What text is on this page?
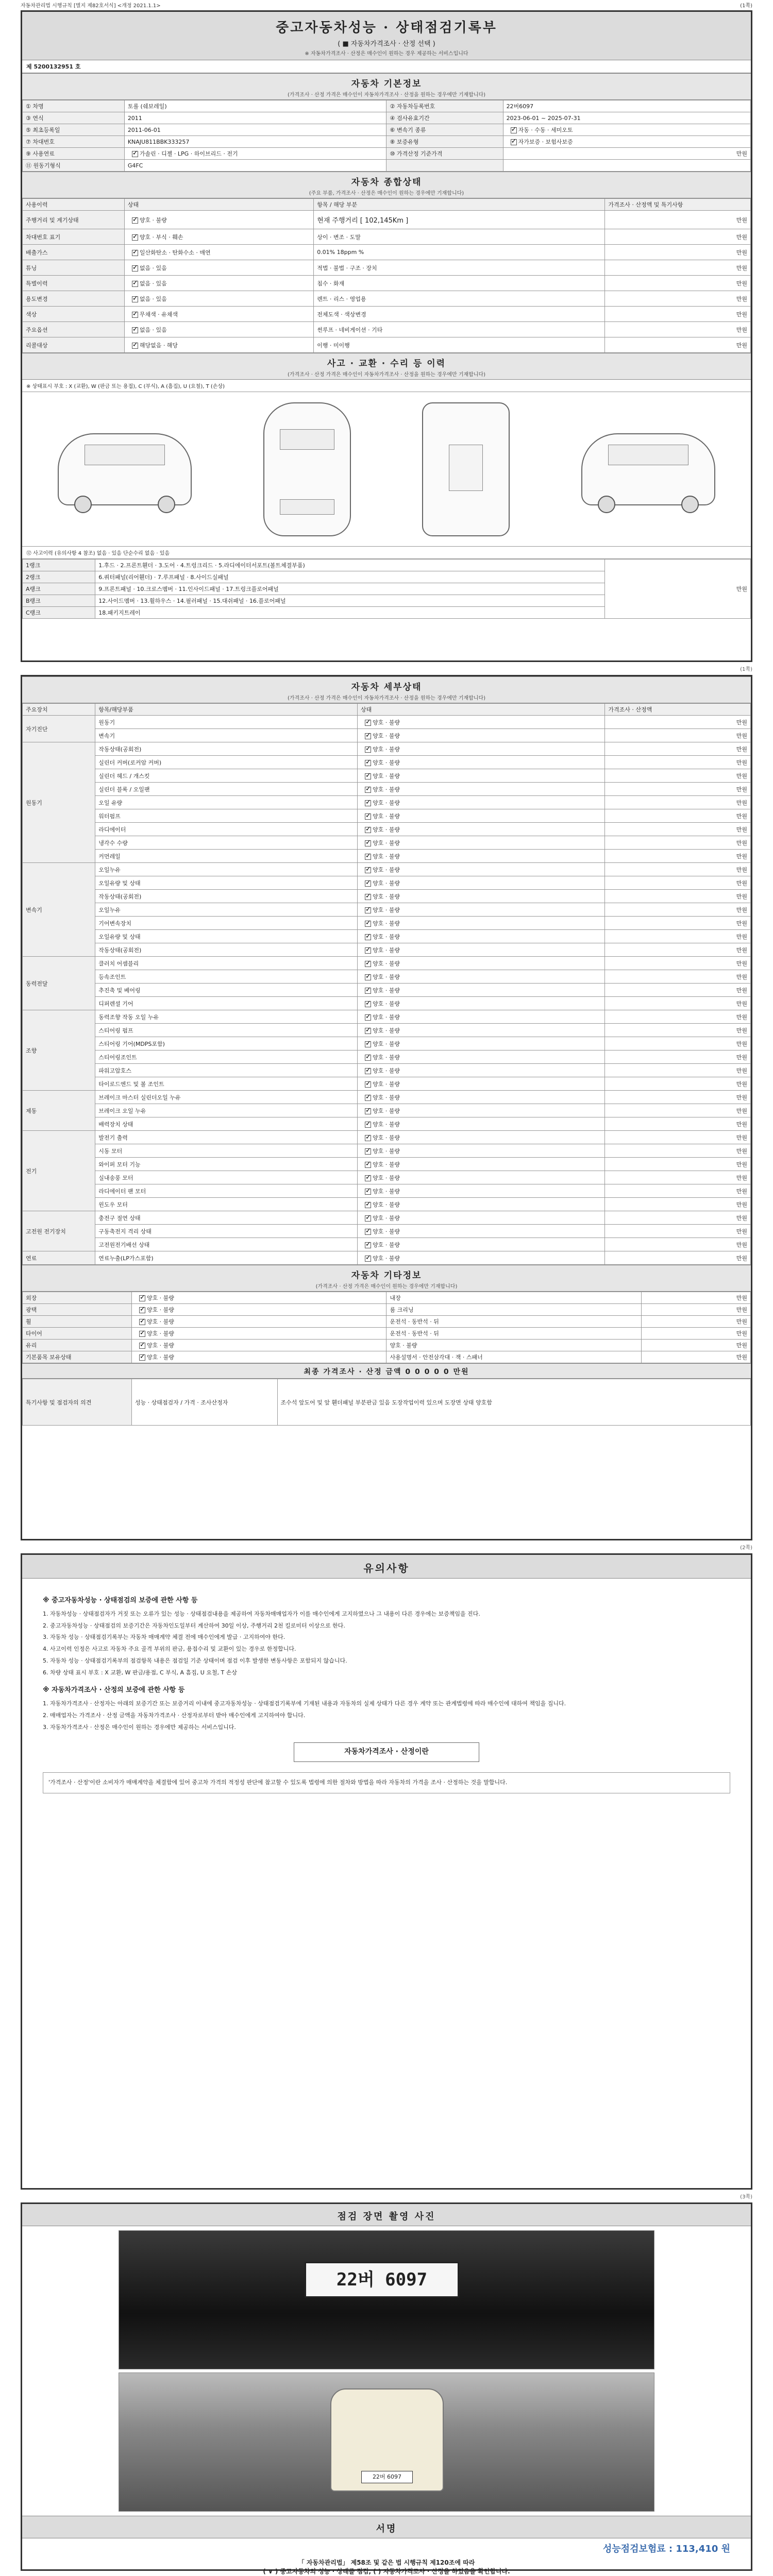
자동차관리법 시행규칙 [별지 제82호서식] <개정 2021.1.1>	(1쪽)
중고자동차성능 · 상태점검기록부
( ■ 자동차가격조사 · 산정 선택 )
※ 자동차가격조사 · 산정은 매수인이 원하는 경우 제공하는 서비스입니다
제 5200132951 호
자동차 기본정보
(가격조사 · 산정 가격은 매수인이 자동차가격조사 · 산정을 원하는 경우에만 기재합니다)
① 차명	토롤 (쉐보레일)	② 자동차등록번호	22버6097
③ 연식	2011	④ 검사유효기간	2023-06-01 ~ 2025-07-31
⑤ 최초등록일	2011-06-01	⑥ 변속기 종류	✓자동 · 수동 · 세미오토
⑦ 차대번호	KNAJU811BBK333257	⑧ 보증유형	✓자가보증 · 보험사보증
⑨ 사용연료	✓가솔린 · 디젤 · LPG · 하이브리드 · 전기	⑩ 가격산정 기준가격	만원
⑪ 원동기형식	G4FC		
자동차 종합상태
(주요 부품, 가격조사 · 산정은 매수인이 원하는 경우에만 기재합니다)
사용이력	상태	항목 / 해당 부분	가격조사 · 산정액 및 특기사항
주행거리 및 계기상태	✓양호 · 불량	현재 주행거리 [ 102,145Km ]	만원
차대번호 표기	✓양호 · 부식 · 훼손	상이 · 변조 · 도말	만원
배출가스	✓일산화탄소 · 탄화수소 · 매연	0.01% 18ppm %	만원
튜닝	✓없음 · 있음	적법 · 불법 · 구조 · 장치	만원
특별이력	✓없음 · 있음	침수 · 화재	만원
용도변경	✓없음 · 있음	렌트 · 리스 · 영업용	만원
색상	✓무채색 · 유채색	전체도색 · 색상변경	만원
주요옵션	✓없음 · 있음	썬루프 · 네비게이션 · 기타	만원
리콜대상	✓해당없음 · 해당	이행 · 미이행	만원
사고 · 교환 · 수리 등 이력
(가격조사 · 산정 가격은 매수인이 자동차가격조사 · 산정을 원하는 경우에만 기재합니다)
※ 상태표시 부호 : X (교환), W (판금 또는 용접), C (부식), A (흠집), U (요철), T (손상)
⑫ 사고이력 (유의사항 4 참조) 없음 · 있음 단순수리 없음 · 있음
1랭크	1.후드 · 2.프론트휀더 · 3.도어 · 4.트렁크리드 · 5.라디에이터서포트(볼트체결부품)	만원
2랭크	6.쿼터패널(리어휀더) · 7.루프패널 · 8.사이드실패널	
A랭크	9.프론트패널 · 10.크로스멤버 · 11.인사이드패널 · 17.트렁크플로어패널	
B랭크	12.사이드멤버 · 13.휠하우스 · 14.필러패널 · 15.대쉬패널 · 16.플로어패널	
C랭크	18.패키지트레이	
(1쪽)
자동차 세부상태
(가격조사 · 산정 가격은 매수인이 자동차가격조사 · 산정을 원하는 경우에만 기재합니다)
주요장치	항목/해당부품	상태	가격조사 · 산정액
자기진단	원동기	✓양호 · 불량	만원
	변속기	✓양호 · 불량	만원
원동기	작동상태(공회전)	✓양호 · 불량	만원
	실린더 커버(로커암 커버)	✓양호 · 불량	만원
	실린더 헤드 / 개스킷	✓양호 · 불량	만원
	실린더 블록 / 오일팬	✓양호 · 불량	만원
	오일 유량	✓양호 · 불량	만원
	워터펌프	✓양호 · 불량	만원
	라디에이터	✓양호 · 불량	만원
	냉각수 수량	✓양호 · 불량	만원
	커먼레일	✓양호 · 불량	만원
변속기	오일누유	✓양호 · 불량	만원
	오일유량 및 상태	✓양호 · 불량	만원
	작동상태(공회전)	✓양호 · 불량	만원
	오일누유	✓양호 · 불량	만원
	기어변속장치	✓양호 · 불량	만원
	오일유량 및 상태	✓양호 · 불량	만원
	작동상태(공회전)	✓양호 · 불량	만원
동력전달	클러치 어셈블리	✓양호 · 불량	만원
	등속조인트	✓양호 · 불량	만원
	추진축 및 베어링	✓양호 · 불량	만원
	디퍼렌셜 기어	✓양호 · 불량	만원
조향	동력조향 작동 오일 누유	✓양호 · 불량	만원
	스티어링 펌프	✓양호 · 불량	만원
	스티어링 기어(MDPS포함)	✓양호 · 불량	만원
	스티어링조인트	✓양호 · 불량	만원
	파워고압호스	✓양호 · 불량	만원
	타이로드엔드 및 볼 조인트	✓양호 · 불량	만원
제동	브레이크 마스터 실린더오일 누유	✓양호 · 불량	만원
	브레이크 오일 누유	✓양호 · 불량	만원
	배력장치 상태	✓양호 · 불량	만원
전기	발전기 출력	✓양호 · 불량	만원
	시동 모터	✓양호 · 불량	만원
	와이퍼 모터 기능	✓양호 · 불량	만원
	실내송풍 모터	✓양호 · 불량	만원
	라디에이터 팬 모터	✓양호 · 불량	만원
	윈도우 모터	✓양호 · 불량	만원
고전원 전기장치	충전구 절연 상태	✓양호 · 불량	만원
	구동축전지 격리 상태	✓양호 · 불량	만원
	고전원전기배선 상태	✓양호 · 불량	만원
연료	연료누출(LP가스포함)	✓양호 · 불량	만원
자동차 기타정보
(가격조사 · 산정 가격은 매수인이 원하는 경우에만 기재합니다)
외장	✓양호 · 불량	내장	만원
광택	✓양호 · 불량	룸 크리닝	만원
휠	✓양호 · 불량	운전석 · 동반석 · 뒤	만원
타이어	✓양호 · 불량	운전석 · 동반석 · 뒤	만원
유리	✓양호 · 불량	양호 · 불량	만원
기본품목 보유상태	✓양호 · 불량	사용설명서 · 안전삼각대 · 잭 · 스패너	만원
최종 가격조사 · 산정 금액 0 0 0 0 0 만원
특기사항 및 점검자의 의견	성능 · 상태점검자 / 가격 · 조사산정자	조수석 앞도어 및 앞 휀더패널 부분판금 있음 도장작업이력 있으며 도장면 상태 양호함
(2쪽)
유의사항
※ 중고자동차성능 · 상태점검의 보증에 관한 사항 등

1. 자동차성능 · 상태점검자가 거짓 또는 오류가 있는 성능 · 상태점검내용을 제공하여 자동차매매업자가 이를 매수인에게 고지하였으나 그 내용이 다른 경우에는 보증책임을 진다.

2. 중고자동차성능 · 상태점검의 보증기간은 자동차인도일부터 계산하여 30일 이상, 주행거리 2천 킬로미터 이상으로 한다.

3. 자동차 성능 · 상태점검기록부는 자동차 매매계약 체결 전에 매수인에게 발급 · 고지하여야 한다.

4. 사고이력 인정은 사고로 자동차 주요 골격 부위의 판금, 용접수리 및 교환이 있는 경우로 한정합니다.

5. 자동차 성능 · 상태점검기록부의 점검항목 내용은 점검일 기준 상태이며 점검 이후 발생한 변동사항은 포함되지 않습니다.

6. 차량 상태 표시 부호 : X 교환, W 판금/용접, C 부식, A 흠집, U 요철, T 손상

※ 자동차가격조사 · 산정의 보증에 관한 사항 등

1. 자동차가격조사 · 산정자는 아래의 보증기간 또는 보증거리 이내에 중고자동차성능 · 상태점검기록부에 기재된 내용과 자동차의 실제 상태가 다른 경우 계약 또는 관계법령에 따라 매수인에 대하여 책임을 집니다.

2. 매매업자는 가격조사 · 산정 금액을 자동차가격조사 · 산정자로부터 받아 매수인에게 고지하여야 합니다.

3. 자동차가격조사 · 산정은 매수인이 원하는 경우에만 제공하는 서비스입니다.

자동차가격조사 · 산정이란
'가격조사 · 산정'이란 소비자가 매매계약을 체결함에 있어 중고차 가격의 적정성 판단에 참고할 수 있도록 법령에 의한 절차와 방법을 따라 자동차의 가격을 조사 · 산정하는 것을 말합니다.
(3쪽)
점검 장면 촬영 사진
22버 6097
22버 6097
서명
성능점검보험료 : 113,410 원
「 자동차관리법」 제58조 및 같은 법 시행규칙 제120조에 따라
( ∨ ) 중고자동차의 성능 · 상태를 점검, ( ) 자동차가격조사 · 산정을 하였음을 확인합니다.
